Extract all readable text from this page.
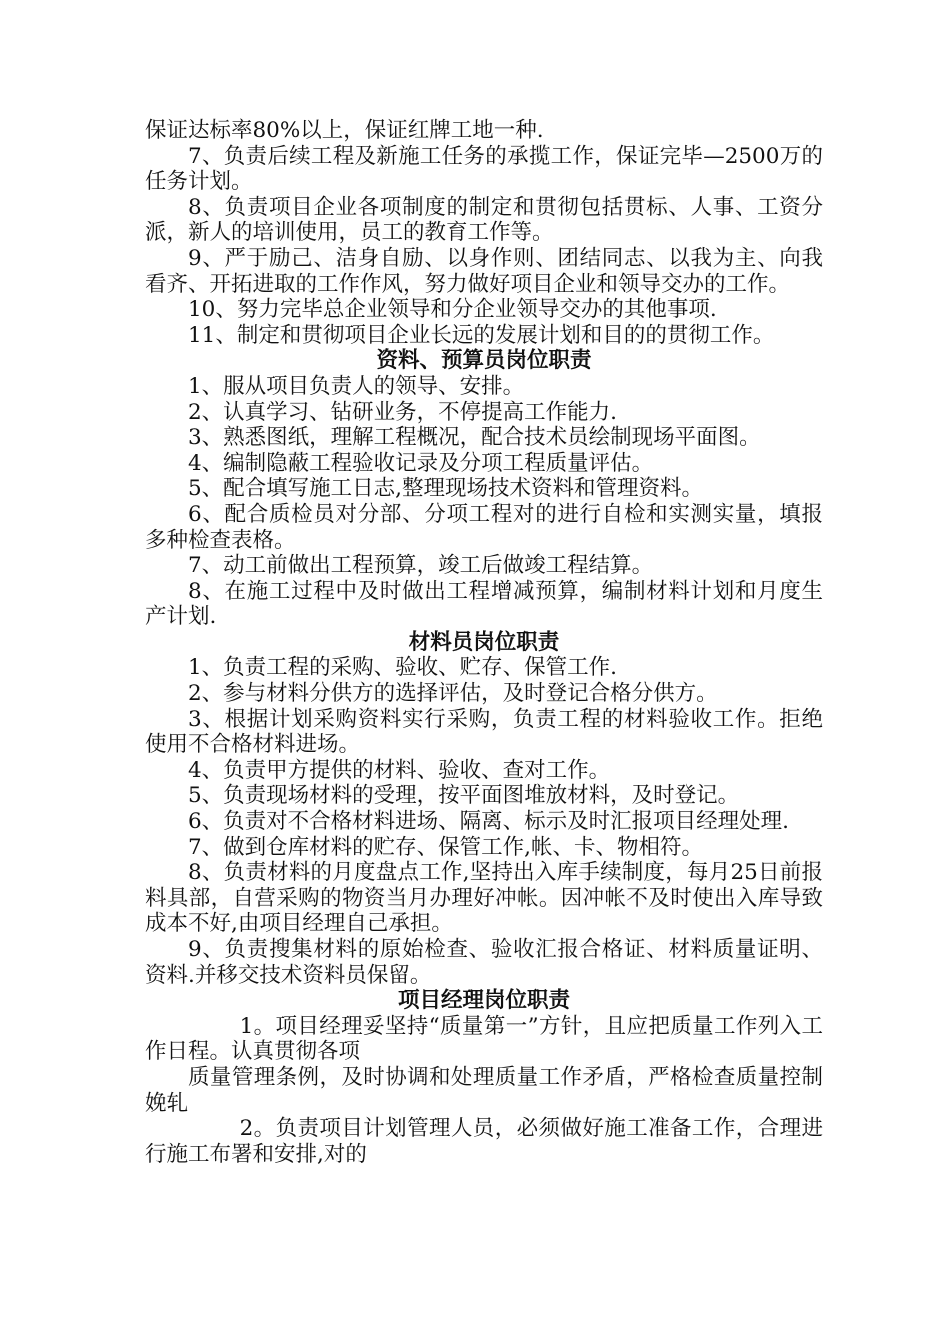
保证达标率80%以上，保证红牌工地一种.

7、负责后续工程及新施工任务的承揽工作，保证完毕—2500万的任务计划。

8、负责项目企业各项制度的制定和贯彻包括贯标、人事、工资分派，新人的培训使用，员工的教育工作等。

9、严于励己、洁身自励、以身作则、团结同志、以我为主、向我看齐、开拓进取的工作作风，努力做好项目企业和领导交办的工作。

10、努力完毕总企业领导和分企业领导交办的其他事项.

11、制定和贯彻项目企业长远的发展计划和目的的贯彻工作。

资料、预算员岗位职责

1、服从项目负责人的领导、安排。

2、认真学习、钻研业务，不停提高工作能力.

3、熟悉图纸，理解工程概况，配合技术员绘制现场平面图。

4、编制隐蔽工程验收记录及分项工程质量评估。

5、配合填写施工日志,整理现场技术资料和管理资料。

6、配合质检员对分部、分项工程对的进行自检和实测实量，填报多种检查表格。

7、动工前做出工程预算，竣工后做竣工程结算。

8、在施工过程中及时做出工程增减预算，编制材料计划和月度生产计划.

材料员岗位职责

1、负责工程的采购、验收、贮存、保管工作.

2、参与材料分供方的选择评估，及时登记合格分供方。

3、根据计划采购资料实行采购，负责工程的材料验收工作。拒绝使用不合格材料进场。

4、负责甲方提供的材料、验收、查对工作。

5、负责现场材料的受理，按平面图堆放材料，及时登记。

6、负责对不合格材料进场、隔离、标示及时汇报项目经理处理.

7、做到仓库材料的贮存、保管工作,帐、卡、物相符。

8、负责材料的月度盘点工作,坚持出入库手续制度，每月25日前报料具部，自营采购的物资当月办理好冲帐。因冲帐不及时使出入库导致成本不好,由项目经理自己承担。

9、负责搜集材料的原始检查、验收汇报合格证、材料质量证明、资料.并移交技术资料员保留。

项目经理岗位职责

1。项目经理妥坚持“质量第一”方针，且应把质量工作列入工作日程。认真贯彻各项

质量管理条例，及时协调和处理质量工作矛盾，严格检查质量控制娩轧

2。负责项目计划管理人员，必须做好施工准备工作，合理进行施工布署和安排,对的
